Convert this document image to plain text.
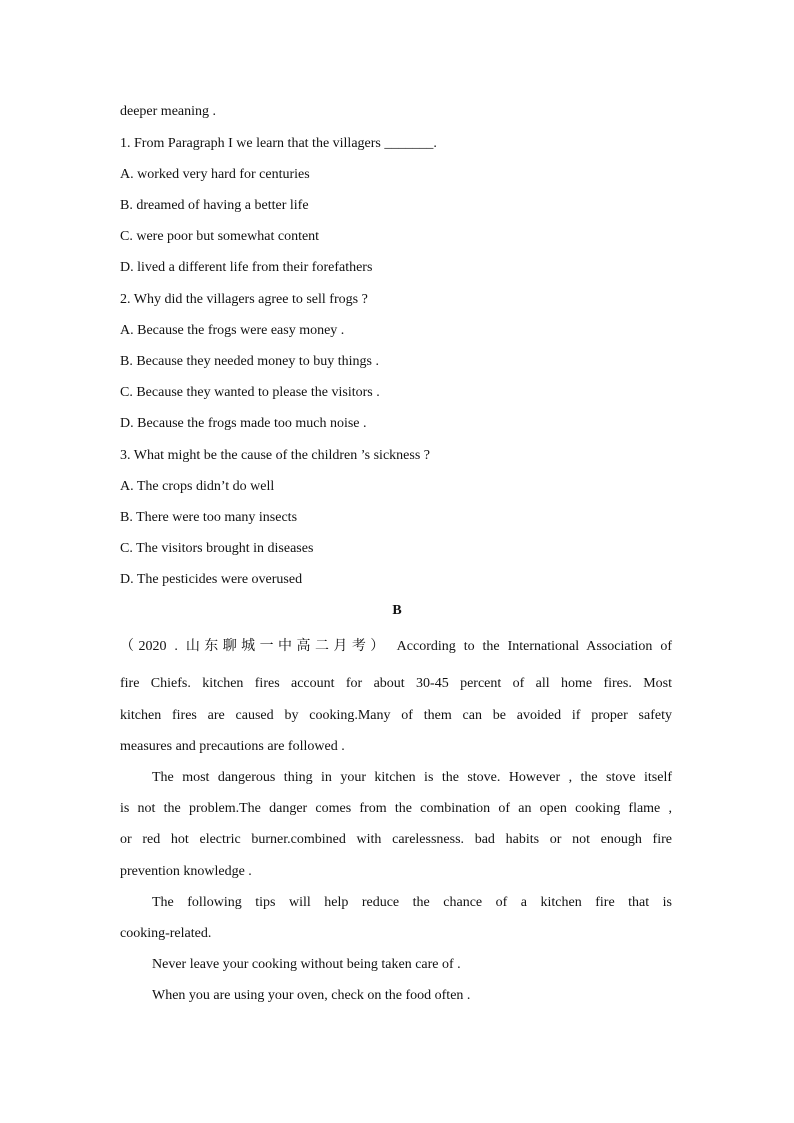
deeper meaning .
1. From Paragraph I we learn that the villagers _______.
A. worked very hard for centuries
B. dreamed of having a better life
C. were poor but somewhat content
D. lived a different life from their forefathers
2. Why did the villagers agree to sell frogs ?
A. Because the frogs were easy money .
B. Because they needed money to buy things .
C. Because they wanted to please the visitors .
D. Because the frogs made too much noise .
3. What might be the cause of the children ’s sickness ?
A. The crops didn’t do well
B. There were too many insects
C. The visitors brought in diseases
D. The pesticides were overused
B
（2020 . 山东聊城一中高二月考） According to the International Association of
fire Chiefs. kitchen fires account for about 30-45 percent of all home fires. Most
kitchen fires are caused by cooking.Many of them can be avoided if proper safety
measures and precautions are followed .
The most dangerous thing in your kitchen is the stove. However , the stove itself
is not the problem.The danger comes from the combination of an open cooking flame ,
or red hot electric burner.combined with carelessness. bad habits or not enough fire
prevention knowledge .
The following tips will help reduce the chance of a kitchen fire that is
cooking-related.
Never leave your cooking without being taken care of .
When you are using your oven, check on the food often .
